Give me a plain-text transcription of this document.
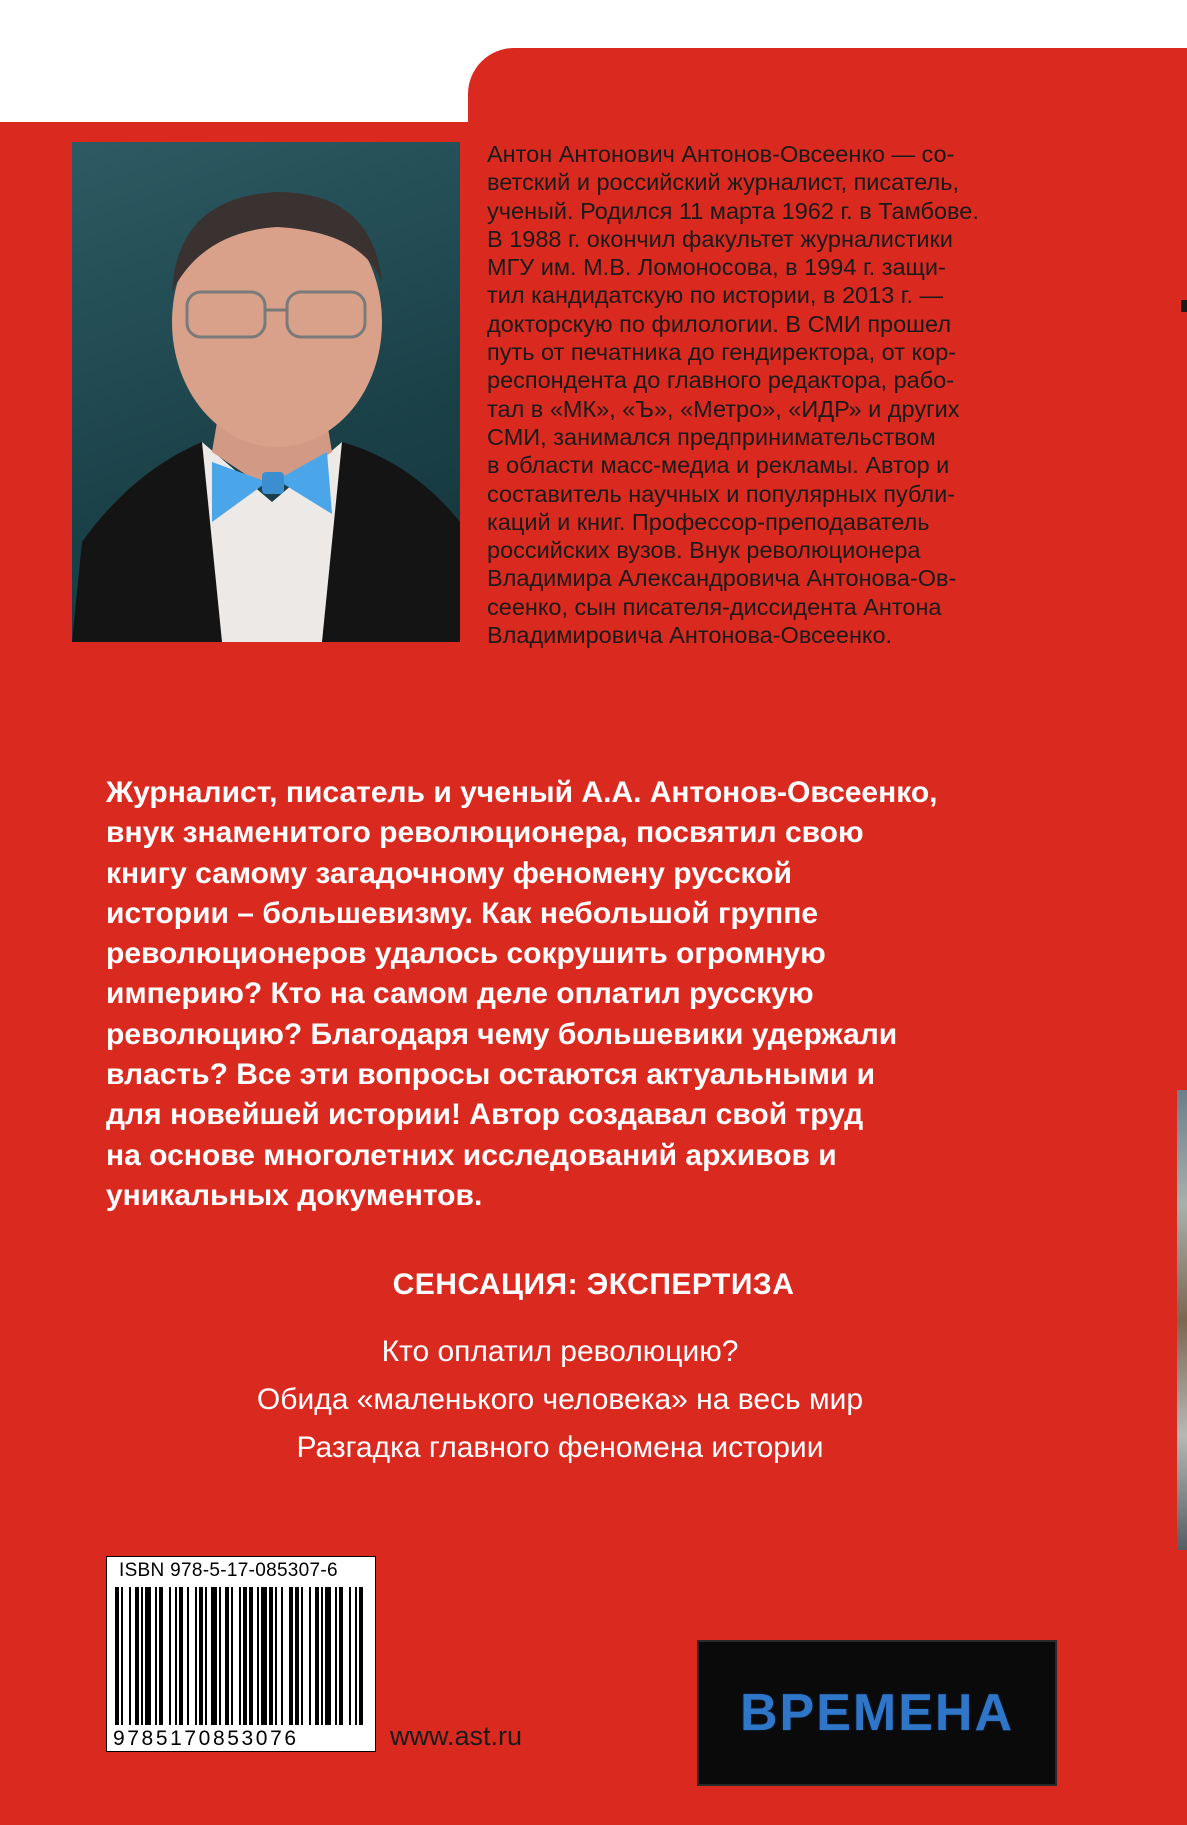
Антон Антонович Антонов-Овсеенко — со-

ветский и российский журналист, писатель,

ученый. Родился 11 марта 1962 г. в Тамбове.

В 1988 г. окончил факультет журналистики

МГУ им. М.В. Ломоносова, в 1994 г. защи-

тил кандидатскую по истории, в 2013 г. —

докторскую по филологии. В СМИ прошел

путь от печатника до гендиректора, от кор-

респондента до главного редактора, рабо-

тал в «МК», «Ъ», «Метро», «ИДР» и других

СМИ, занимался предпринимательством

в области масс-медиа и рекламы. Автор и

составитель научных и популярных публи-

каций и книг. Профессор-преподаватель

российских вузов. Внук революционера

Владимира Александровича Антонова-Ов-

сеенко, сын писателя-диссидента Антона

Владимировича Антонова-Овсеенко.

Журналист, писатель и ученый А.А. Антонов-Овсеенко,

внук знаменитого революционера, посвятил свою

книгу самому загадочному феномену русской

истории – большевизму. Как небольшой группе

революционеров удалось сокрушить огромную

империю? Кто на самом деле оплатил русскую

революцию? Благодаря чему большевики удержали

власть? Все эти вопросы остаются актуальными и

для новейшей истории! Автор создавал свой труд

на основе многолетних исследований архивов и

уникальных документов.

СЕНСАЦИЯ: ЭКСПЕРТИЗА
Кто оплатил революцию?
Обида «маленького человека» на весь мир
Разгадка главного феномена истории
ISBN 978-5-17-085307-6
9785170853076	www.ast.ru	ВРЕМЕНА
